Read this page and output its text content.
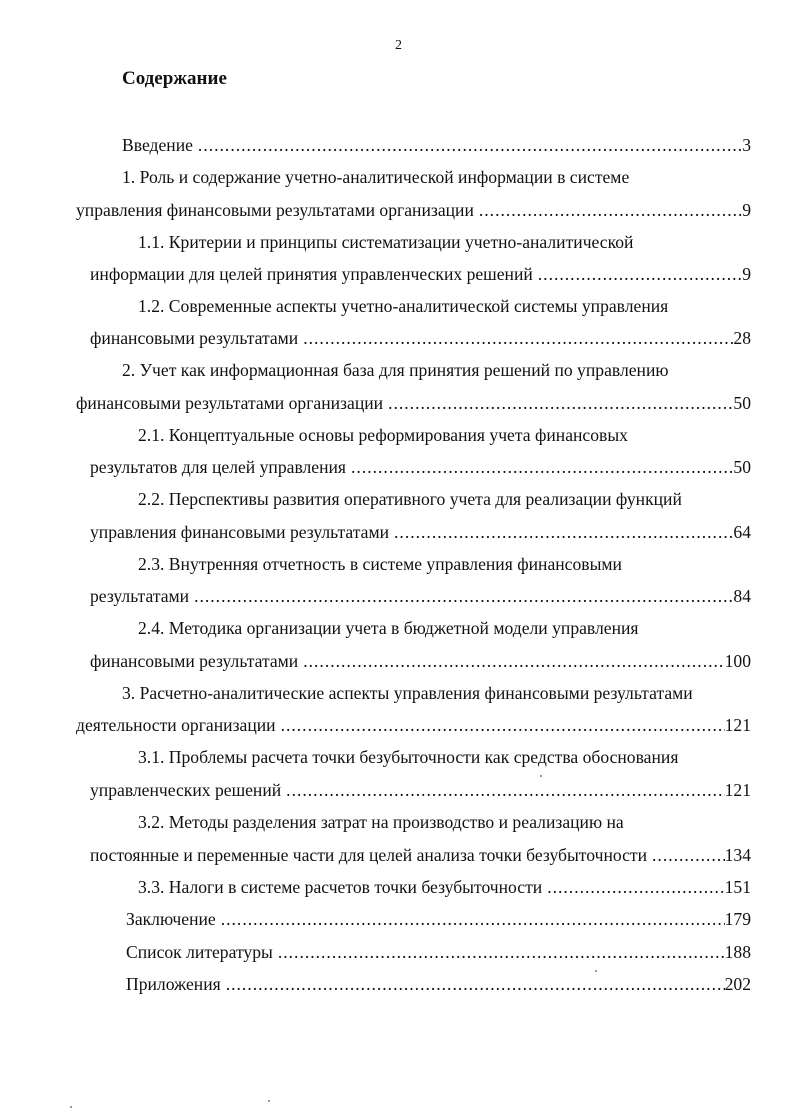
2
Содержание
Введение .....	3
1. Роль и содержание учетно-аналитической информации в системе
управления финансовыми результатами организации .....	9
1.1. Критерии и принципы систематизации учетно-аналитической
информации для целей принятия управленческих решений .....	9
1.2. Современные аспекты учетно-аналитической системы управления
финансовыми результатами .....	28
2. Учет как информационная база для принятия решений по управлению
финансовыми результатами организации .....	50
2.1. Концептуальные основы реформирования учета финансовых
результатов для целей управления .....	50
2.2. Перспективы развития оперативного учета для реализации функций
управления финансовыми результатами .....	64
2.3. Внутренняя отчетность в системе управления финансовыми
результатами .....	84
2.4. Методика организации учета в бюджетной модели управления
финансовыми результатами .....	100
3. Расчетно-аналитические аспекты управления финансовыми результатами
деятельности организации .....	121
3.1. Проблемы расчета точки безубыточности как средства обоснования
управленческих решений .....	121
3.2. Методы разделения затрат на производство и реализацию на
постоянные и переменные части для целей анализа точки безубыточности .....	134
3.3. Налоги в системе расчетов точки безубыточности .....	151
Заключение .....	179
Список литературы .....	188
Приложения .....	202
